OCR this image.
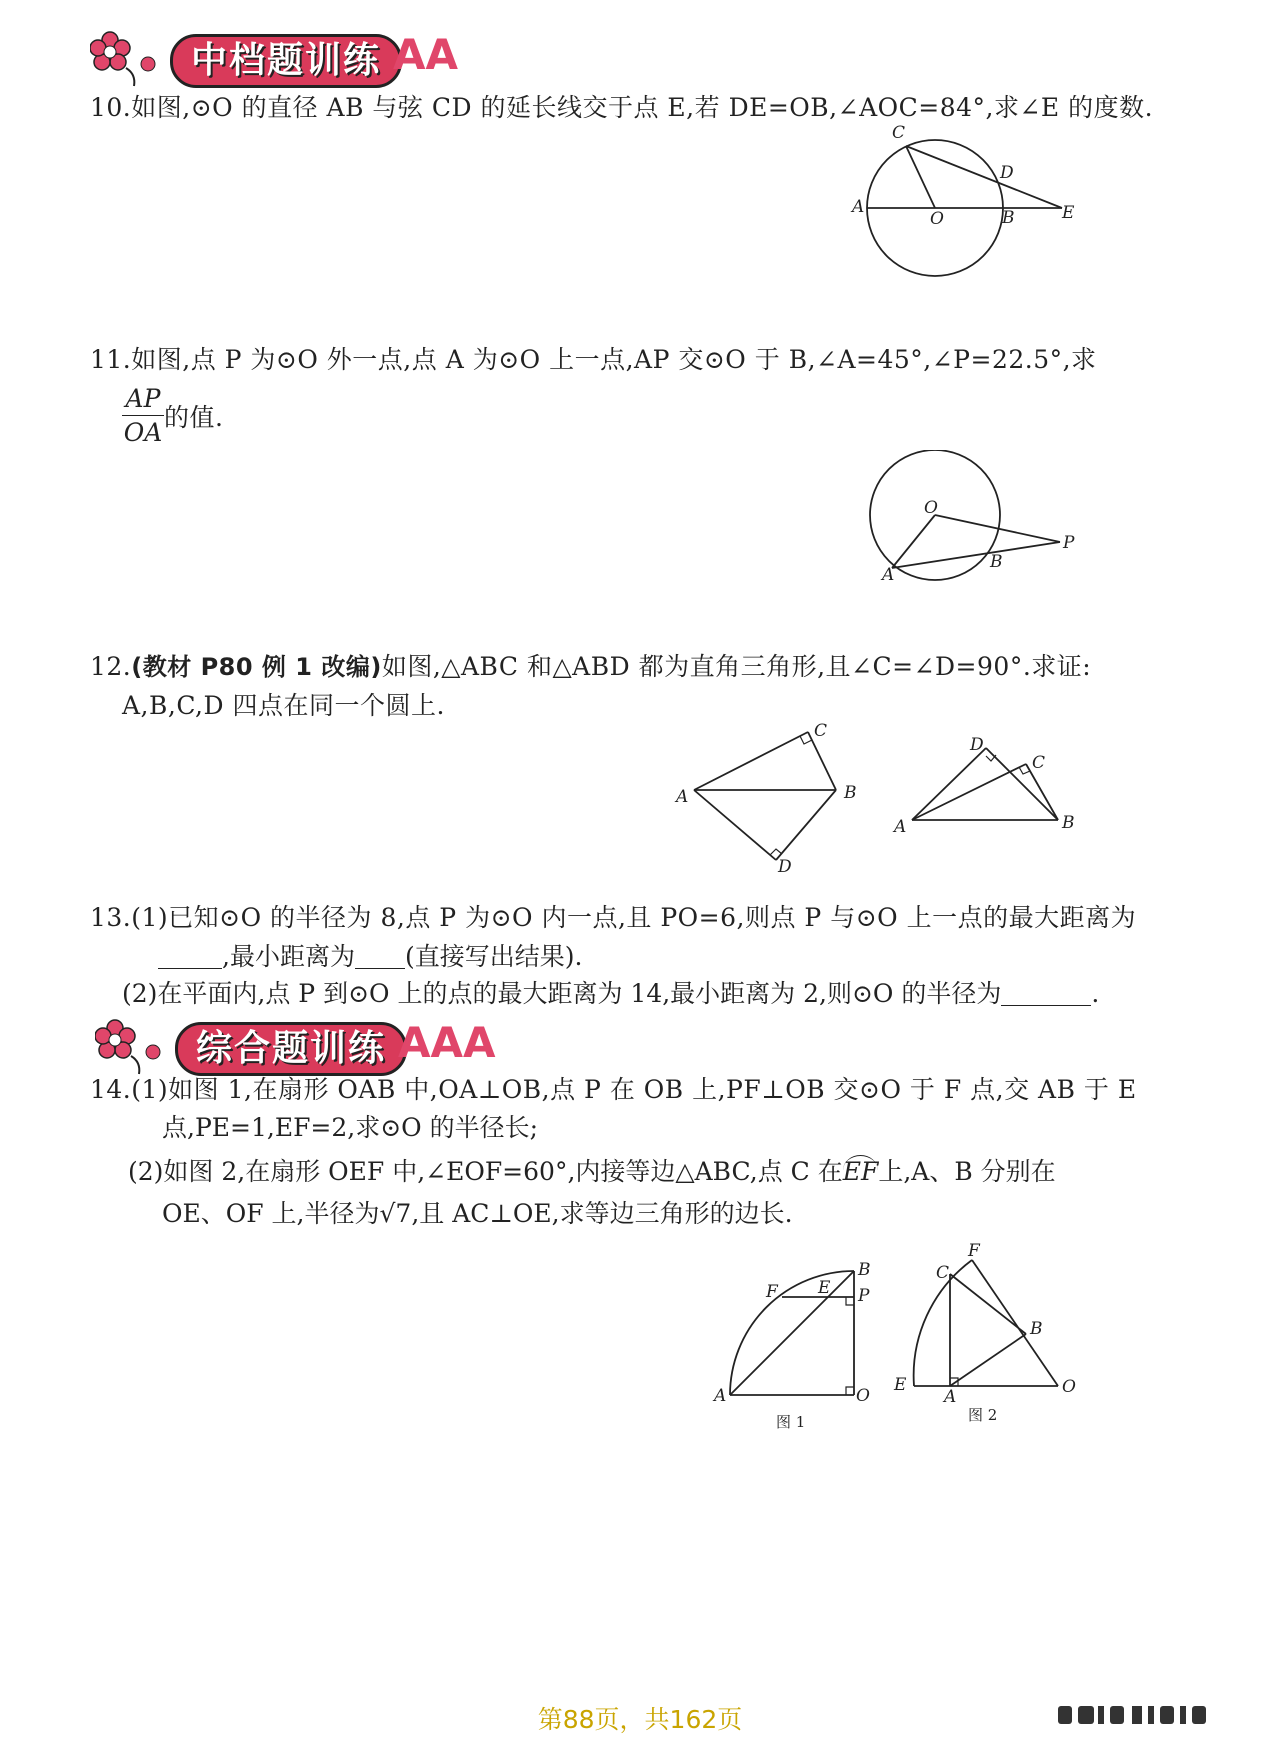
中档题训练 AA
10.如图,⊙O 的直径 AB 与弦 CD 的延长线交于点 E,若 DE=OB,∠AOC=84°,求∠E 的度数.
C
D
A
O	B	E
11.如图,点 P 为⊙O 外一点,点 A 为⊙O 上一点,AP 交⊙O 于 B,∠A=45°,∠P=22.5°,求
AP
OA
的值.
O
P
A
B
12.(教材 P80 例 1 改编)如图,△ABC 和△ABD 都为直角三角形,且∠C=∠D=90°.求证:
A,B,C,D 四点在同一个圆上.
C
A	B
D
D
C
A	B
13.(1)已知⊙O 的半径为 8,点 P 为⊙O 内一点,且 PO=6,则点 P 与⊙O 上一点的最大距离为
,最小距离为 (直接写出结果).
(2)在平面内,点 P 到⊙O 上的点的最大距离为 14,最小距离为 2,则⊙O 的半径为	.
综合题训练 AAA
14.(1)如图 1,在扇形 OAB 中,OA⊥OB,点 P 在 OB 上,PF⊥OB 交⊙O 于 F 点,交 AB 于 E
点,PE=1,EF=2,求⊙O 的半径长;
(2)如图 2,在扇形 OEF 中,∠EOF=60°,内接等边△ABC,点 C 在EF上,A、B 分别在
OE、OF 上,半径为√7,且 AC⊥OE,求等边三角形的边长.
B
F E P
A	O
图 1
F
C
B
E
A	O
图 2
第88页，共162页
